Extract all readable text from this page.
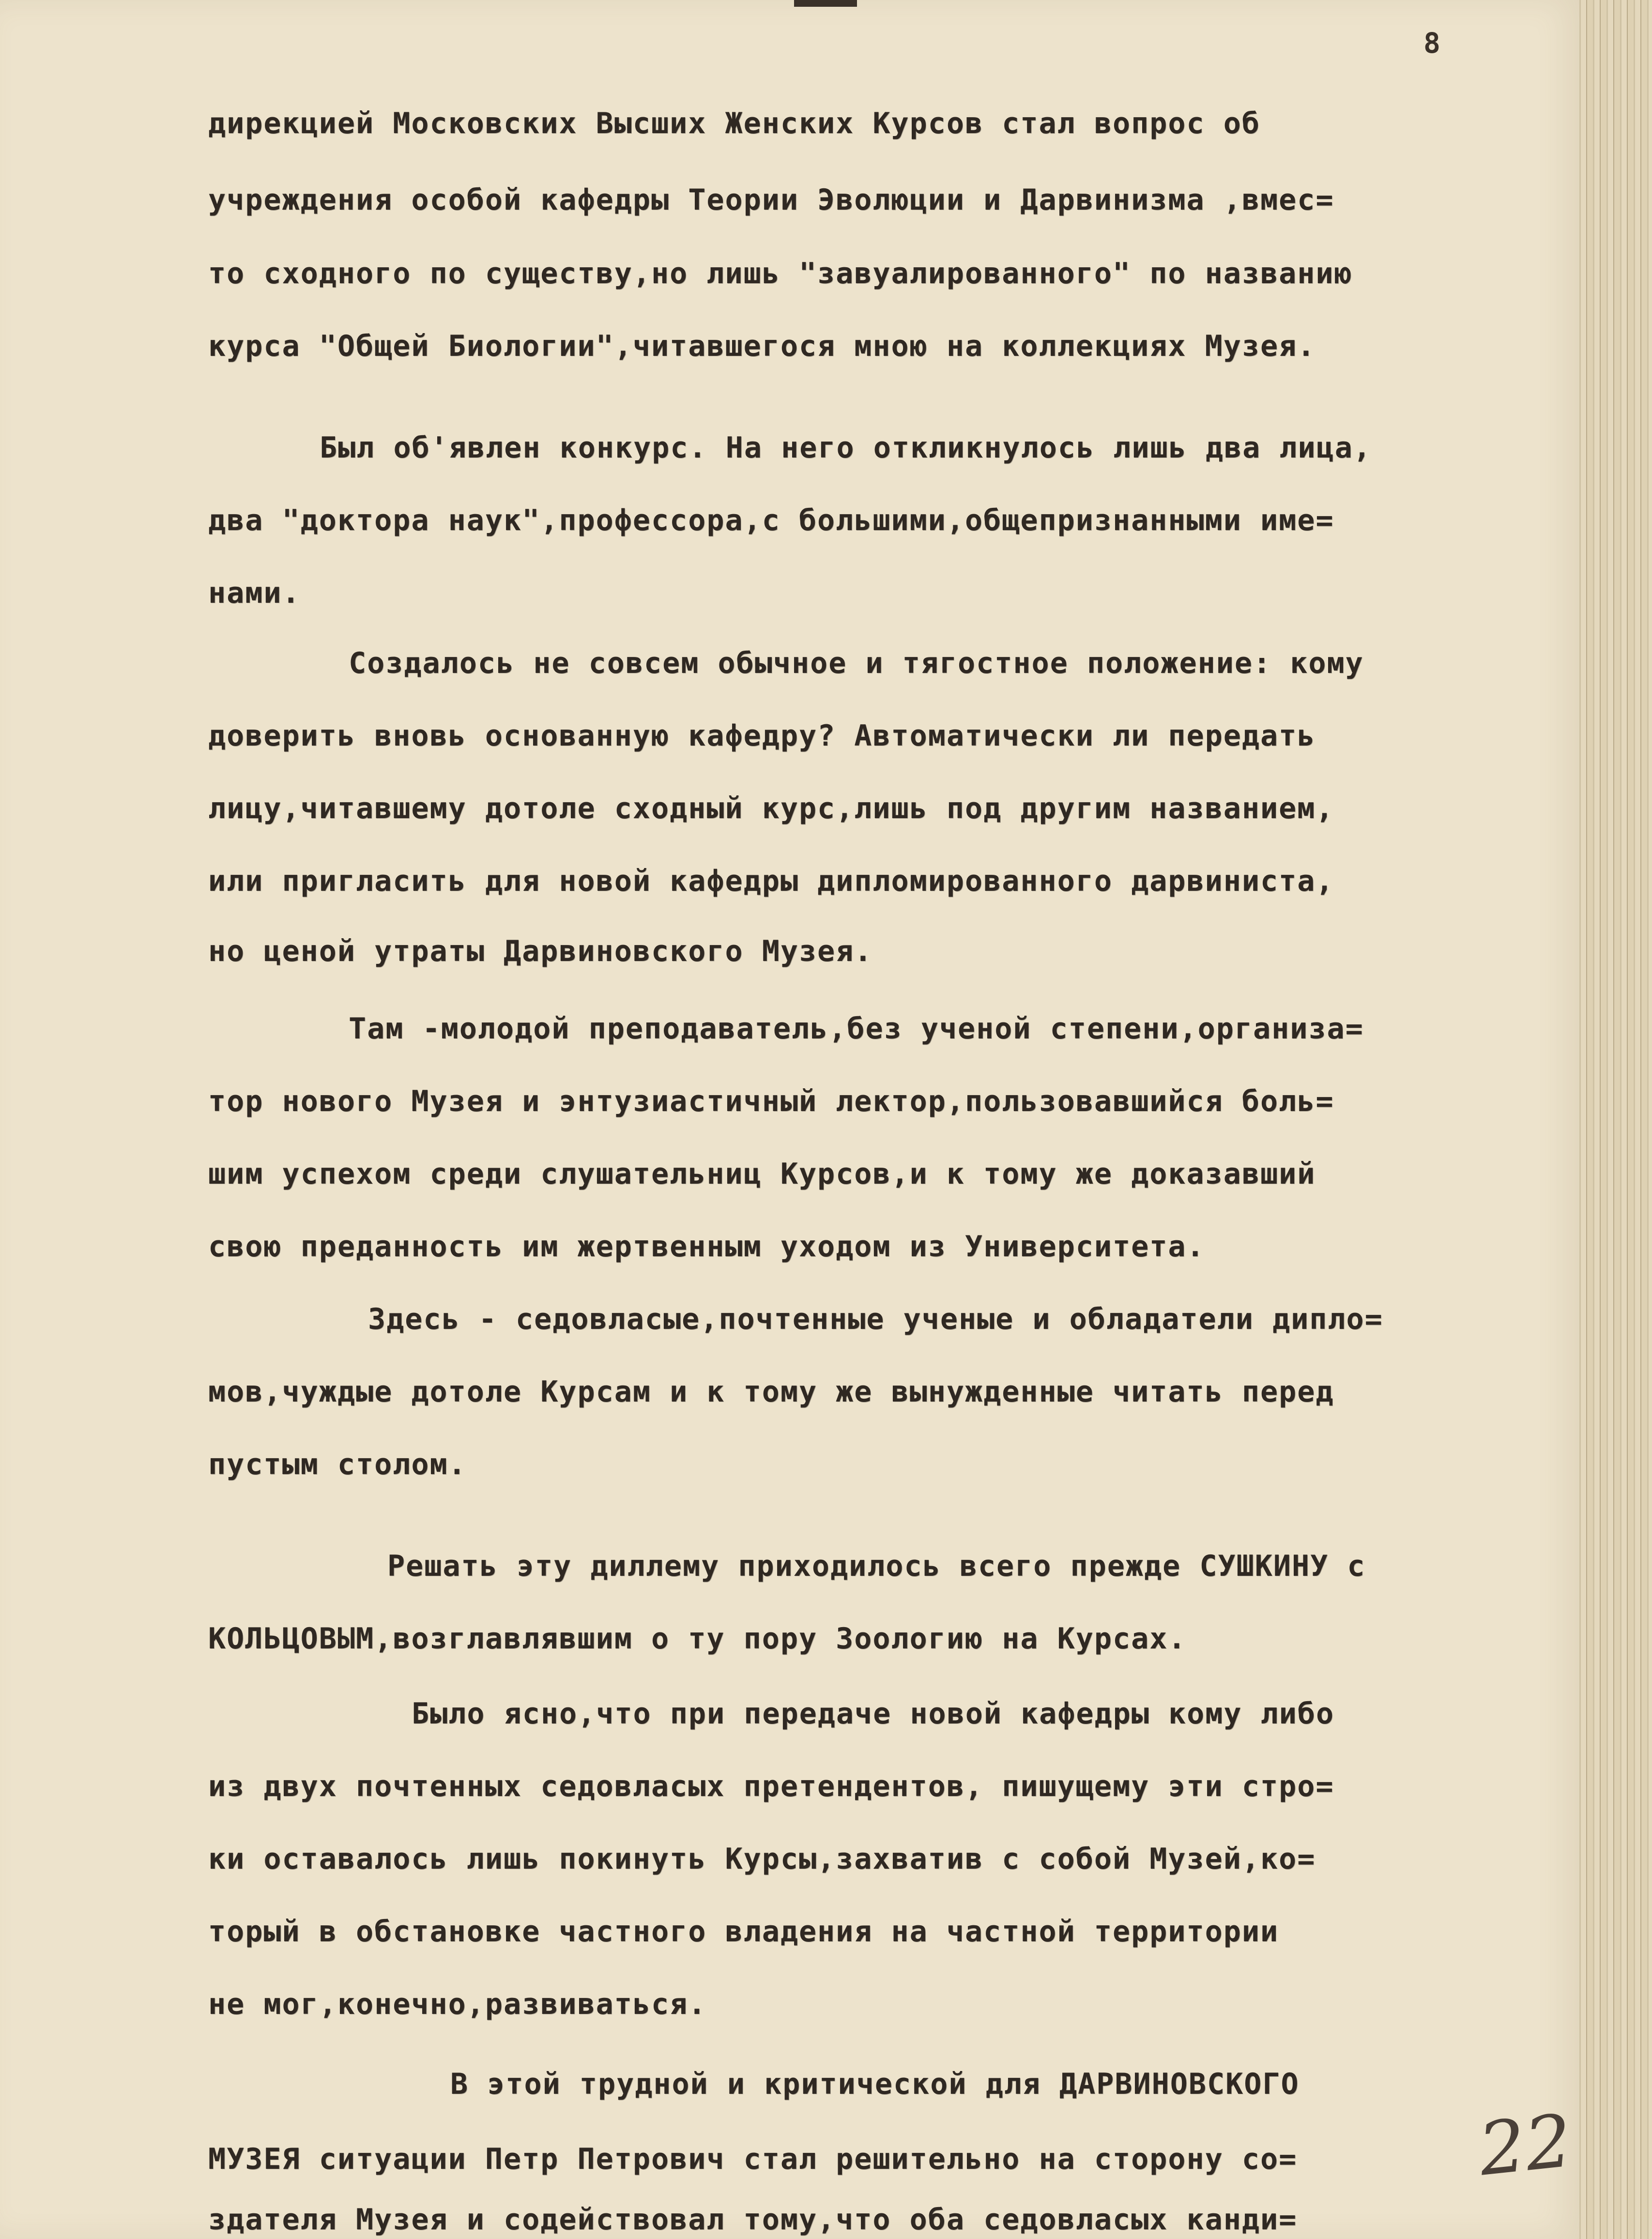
8
дирекцией Московских Высших Женских Курсов стал вопрос об
учреждения особой кафедры Теории Эволюции и Дарвинизма ,вмес=
то сходного по существу,но лишь "завуалированного" по названию
курса "Общей Биологии",читавшегося мною на коллекциях Музея.
Был об'явлен конкурс. На него откликнулось лишь два лица,
два "доктора наук",профессора,с большими,общепризнанными име=
нами.
Создалось не совсем обычное и тягостное положение: кому
доверить вновь основанную кафедру? Автоматически ли передать
лицу,читавшему дотоле сходный курс,лишь под другим названием,
или пригласить для новой кафедры дипломированного дарвиниста,
но ценой утраты Дарвиновского Музея.
Там -молодой преподаватель,без ученой степени,организа=
тор нового Музея и энтузиастичный лектор,пользовавшийся боль=
шим успехом среди слушательниц Курсов,и к тому же доказавший
свою преданность им жертвенным уходом из Университета.
Здесь - седовласые,почтенные ученые и обладатели дипло=
мов,чуждые дотоле Курсам и к тому же вынужденные читать перед
пустым столом.
Решать эту диллему приходилось всего прежде СУШКИНУ с
КОЛЬЦОВЫМ,возглавлявшим о ту пору Зоологию на Курсах.
Было ясно,что при передаче новой кафедры кому либо
из двух почтенных седовласых претендентов, пишущему эти стро=
ки оставалось лишь покинуть Курсы,захватив с собой Музей,ко=
торый в обстановке частного владения на частной территории
не мог,конечно,развиваться.
В этой трудной и критической для ДАРВИНОВСКОГО
МУЗЕЯ ситуации Петр Петрович стал решительно на сторону со=
здателя Музея и содействовал тому,что оба седовласых канди=
22
